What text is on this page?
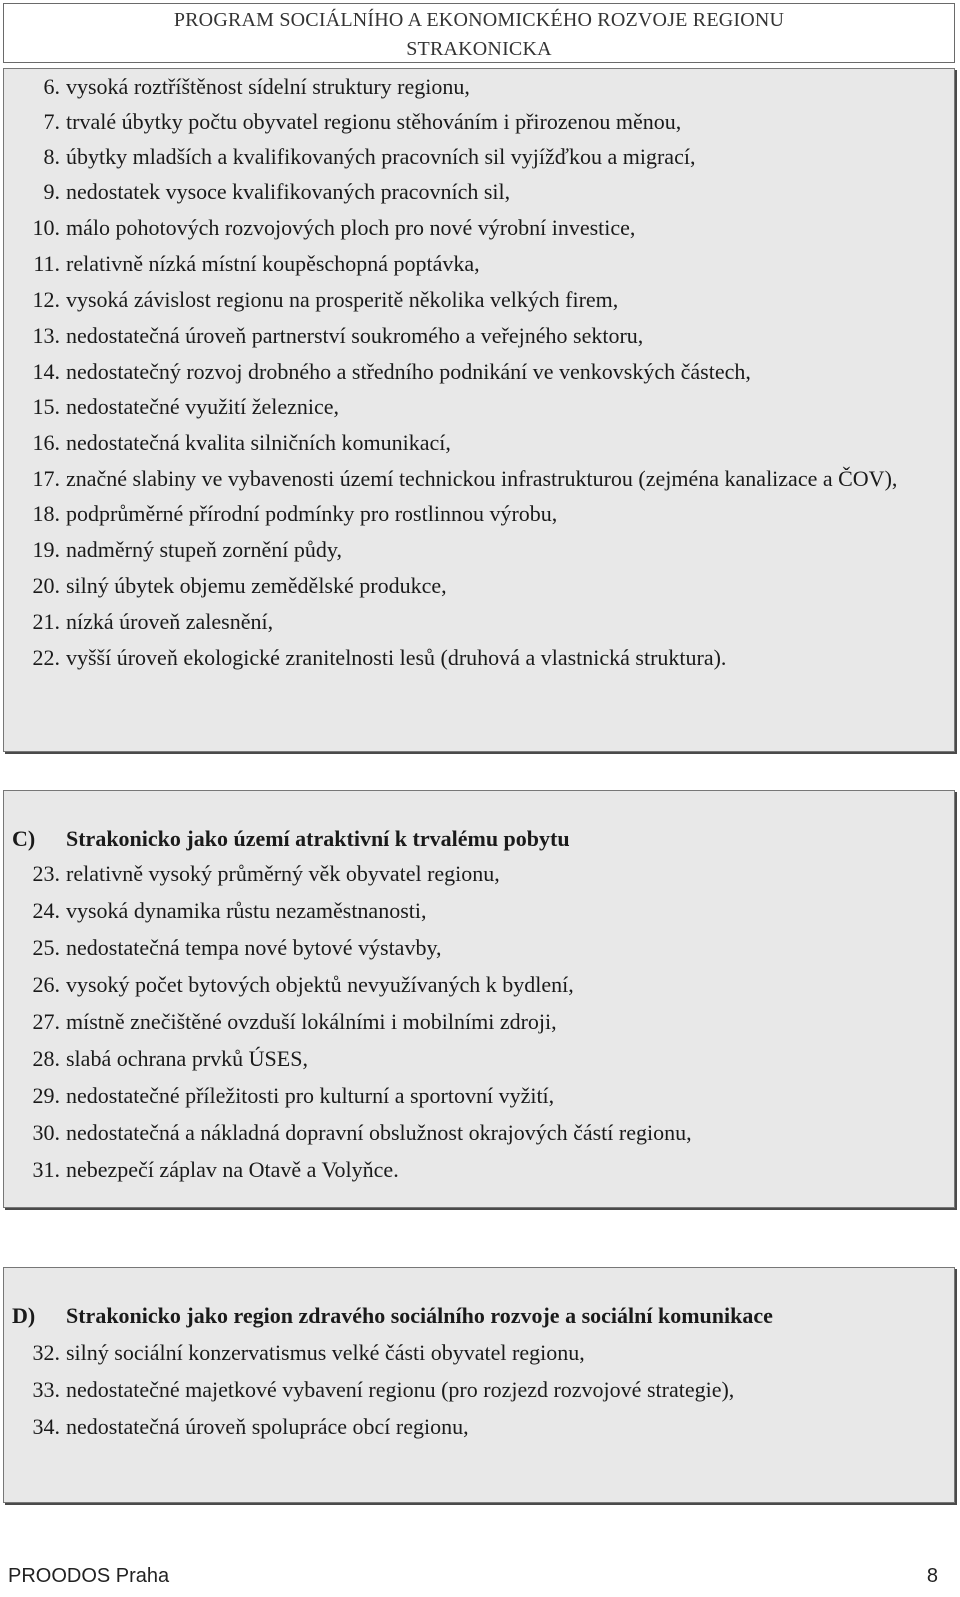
PROGRAM SOCIÁLNÍHO A EKONOMICKÉHO ROZVOJE REGIONU
STRAKONICKA
6. vysoká roztříštěnost sídelní struktury regionu,
7. trvalé úbytky počtu obyvatel regionu stěhováním i přirozenou měnou,
8. úbytky mladších a kvalifikovaných pracovních sil vyjížďkou a migrací,
9. nedostatek vysoce kvalifikovaných pracovních sil,
10. málo pohotových rozvojových ploch pro nové výrobní investice,
11. relativně nízká místní koupěschopná poptávka,
12. vysoká závislost regionu na prosperitě několika velkých firem,
13. nedostatečná úroveň partnerství soukromého a veřejného sektoru,
14. nedostatečný rozvoj drobného a středního podnikání ve venkovských částech,
15. nedostatečné využití železnice,
16. nedostatečná kvalita silničních komunikací,
17. značné slabiny ve vybavenosti území technickou infrastrukturou (zejména kanalizace a ČOV),
18. podprůměrné přírodní podmínky pro rostlinnou výrobu,
19. nadměrný stupeň zornění půdy,
20. silný úbytek objemu zemědělské produkce,
21. nízká úroveň zalesnění,
22. vyšší úroveň ekologické zranitelnosti lesů (druhová a vlastnická struktura).
C)	Strakonicko jako území atraktivní k trvalému pobytu
23. relativně vysoký průměrný věk obyvatel regionu,
24. vysoká dynamika růstu nezaměstnanosti,
25. nedostatečná tempa nové bytové výstavby,
26. vysoký počet bytových objektů nevyužívaných k bydlení,
27. místně znečištěné ovzduší lokálními i mobilními zdroji,
28. slabá ochrana prvků ÚSES,
29. nedostatečné příležitosti pro kulturní a sportovní vyžití,
30. nedostatečná a nákladná dopravní obslužnost okrajových částí regionu,
31. nebezpečí záplav na Otavě a Volyňce.
D)	Strakonicko jako region zdravého sociálního rozvoje a sociální komunikace
32. silný sociální konzervatismus velké části obyvatel regionu,
33. nedostatečné majetkové vybavení regionu (pro rozjezd rozvojové strategie),
34. nedostatečná úroveň spolupráce obcí regionu,
PROODOS Praha	8
